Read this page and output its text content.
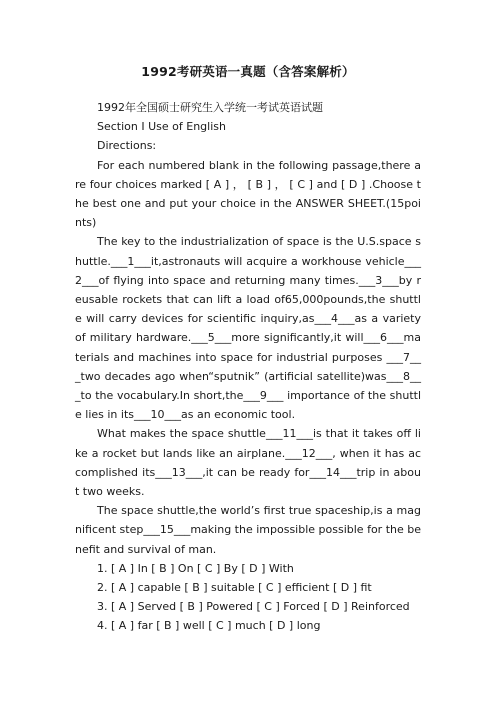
1992考研英语一真题（含答案解析）

1992年全国硕士研究生入学统一考试英语试题

Section I Use of English

Directions:

For each numbered blank in the following passage,there are four choices marked [ A ] ， [ B ] ， [ C ] and [ D ] .Choose the best one and put your choice in the ANSWER SHEET.(15points)

The key to the industrialization of space is the U.S.space shuttle.___1___it,astronauts will acquire a workhouse vehicle___2___of flying into space and returning many times.___3___by reusable rockets that can lift a load of65,000pounds,the shuttle will carry devices for scientific inquiry,as___4___as a variety of military hardware.___5___more significantly,it will___6___materials and machines into space for industrial purposes ___7___two decades ago when“sputnik” (artificial satellite)was___8___to the vocabulary.In short,the___9___ importance of the shuttle lies in its___10___as an economic tool.

What makes the space shuttle___11___is that it takes off like a rocket but lands like an airplane.___12___, when it has accomplished its___13___,it can be ready for___14___trip in about two weeks.

The space shuttle,the world’s first true spaceship,is a magnificent step___15___making the impossible possible for the benefit and survival of man.

1. [ A ] In [ B ] On [ C ] By [ D ] With

2. [ A ] capable [ B ] suitable [ C ] efficient [ D ] fit

3. [ A ] Served [ B ] Powered [ C ] Forced [ D ] Reinforced

4. [ A ] far [ B ] well [ C ] much [ D ] long
